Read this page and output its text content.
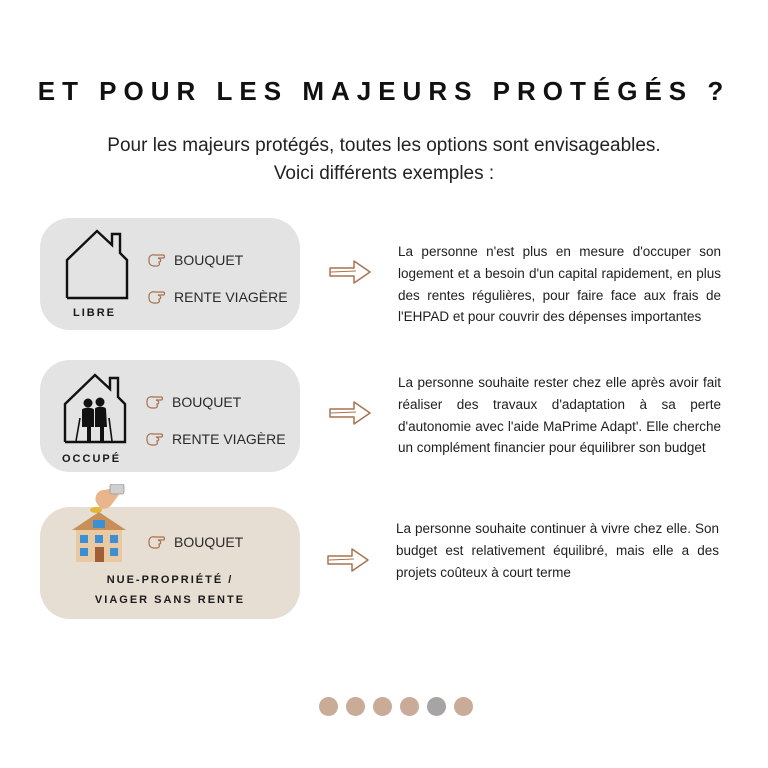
ET POUR LES MAJEURS PROTÉGÉS ?
Pour les majeurs protégés, toutes les options sont envisageables.
Voici différents exemples :
LIBRE
BOUQUET
RENTE VIAGÈRE
OCCUPÉ
BOUQUET
RENTE VIAGÈRE
BOUQUET
NUE-PROPRIÉTÉ /
VIAGER SANS RENTE
La personne n'est plus en mesure d'occuper son logement et a besoin d'un capital rapidement, en plus des rentes régulières, pour faire face aux frais de l'EHPAD et pour couvrir des dépenses importantes
La personne souhaite rester chez elle après avoir fait réaliser des travaux d'adaptation à sa perte d'autonomie avec l'aide MaPrime Adapt'. Elle cherche un complément financier pour équilibrer son budget
La personne souhaite continuer à vivre chez elle. Son budget est relativement équilibré, mais elle a des projets coûteux à court terme
